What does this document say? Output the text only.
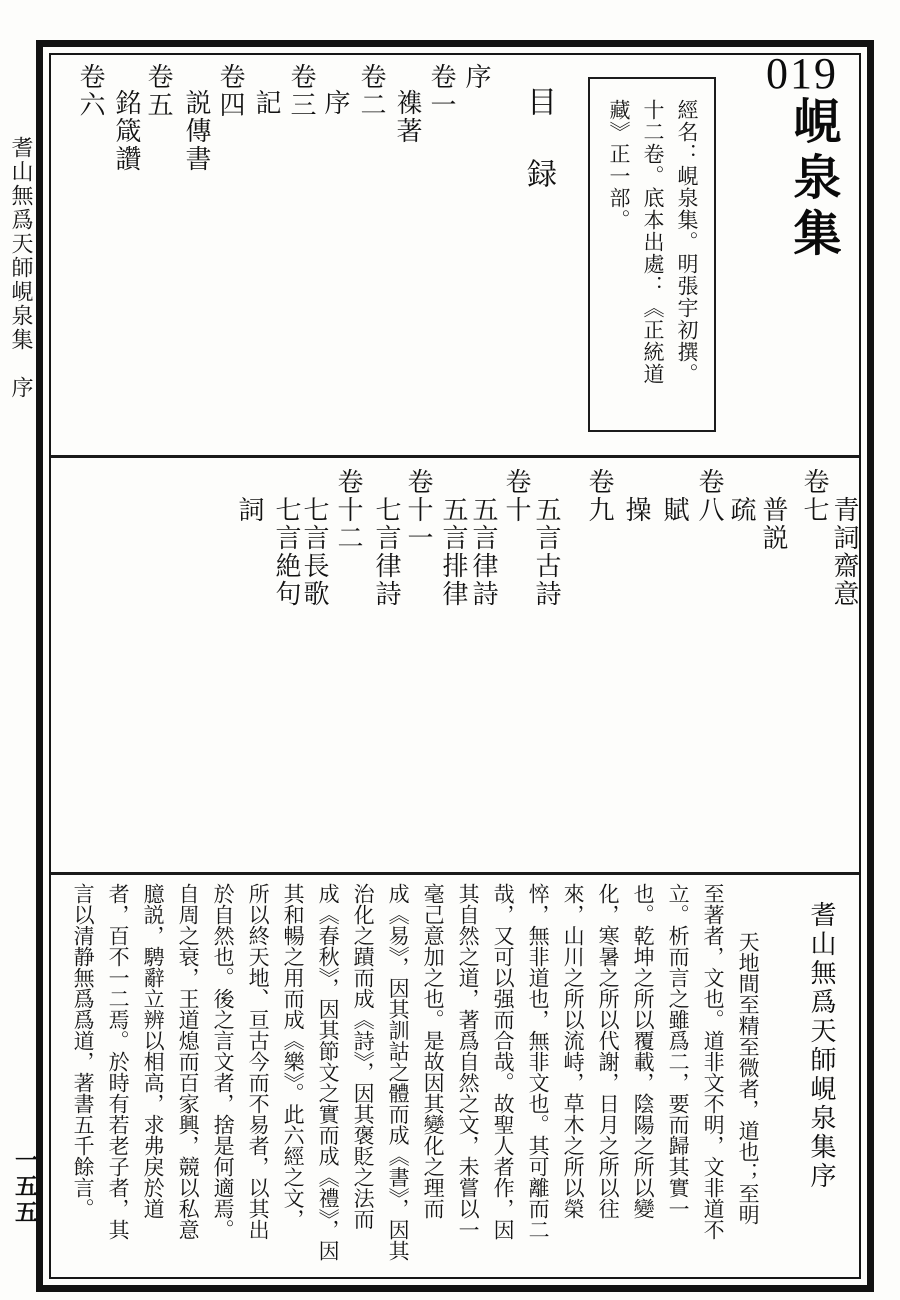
耆山無爲天師峴泉集　序
一五五
019
峴泉集
經名：峴泉集。明張宇初撰。
十二卷。底本出處：《正統道
藏》正一部。
目　録
序
卷一
襍著
卷二
序
卷三
記
卷四
説傳書
卷五
銘箴讚
卷六
青詞齋意
卷七
普説
疏
卷八
賦
操
卷九
五言古詩
卷十
五言律詩
五言排律
卷十一
七言律詩
卷十二
七言長歌
七言絶句
詞
耆山無爲天師峴泉集序
天地間至精至微者，道也；至明
至著者，文也。道非文不明，文非道不
立。析而言之雖爲二，要而歸其實一
也。乾坤之所以覆載，陰陽之所以變
化，寒暑之所以代謝，日月之所以往
來，山川之所以流峙，草木之所以榮
悴，無非道也，無非文也。其可離而二
哉，又可以强而合哉。故聖人者作，因
其自然之道，著爲自然之文，未嘗以一
毫己意加之也。是故因其變化之理而
成《易》，因其訓詁之體而成《書》，因其
治化之蹟而成《詩》，因其褒貶之法而
成《春秋》，因其節文之實而成《禮》，因
其和暢之用而成《樂》。此六經之文，
所以終天地、亘古今而不易者，以其出
於自然也。後之言文者，捨是何適焉。
自周之衰，王道熄而百家興，競以私意
臆説，騁辭立辨以相高，求弗戾於道
者，百不一二焉。於時有若老子者，其
言以清静無爲爲道，著書五千餘言。
